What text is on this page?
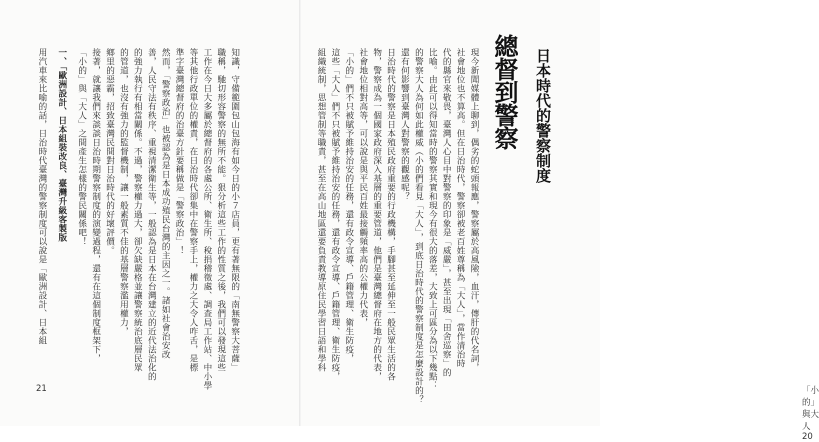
知識，守備範圍包山包海有如今日的小７店員，更有著無限的「南無警察大菩薩」
職稱，馳切形容警察的無所不能。狠分析這些工作的性質之後，我們可以發現這些
工作在今日大多屬於總督府的各處公所、衛生所、稅捐稽徵處、調查局工作站、中小學
等其他行政單位的權責，在日治時代卻集中在警察手上，權力之大令人咋舌，是標
準字臺灣總督府的治臺方針要稱做是「警察政治」！
然而，「警察政治」也被認為是日本成功殖民台灣的主因之一。諸如社會治安改
善，人民守法有秩序、重視清潔衛生等，一般認為是日本在台灣建立的近代法治化的
的強力執行有相當關係。不過，警察權力過大，卻欠缺嚴格並讓警察統治底層民眾
的管道，也沒有強力的監督機制，讓一般素質不佳的基層警察濫用權力，
鄉里的惡霸，招致臺灣民間對日治時代的好壞評價。
接著，就讓我們來談談日治時期警察制度的演變過程，還有在這個制度框架下，
「小的」與「大人」之間產生怎樣的警民關係吧！
一、「歐洲設計、日本組裝改良、臺灣升級客製版
用汽車來比喻的話，日治時代臺灣的警察制度可以說是「歐洲設計、日本組
21
總督到警察 日本時代的警察制度
現今新聞媒體上聊到，偶劣的蛇頭報應，警察屬於高風險，血汗，傳肝的代名詞，
社會地位也不算高。但在日治時代，警察卻被老百姓尊稱為「大人」，當作清治時
代的縣官來敬畏，臺灣人心目中對警察的印象是「威嚴」，甚至出現「田舍巡察」的
比喻。由此可以得知當時的警察其實和現今有很大的落差，大致上可區分為以下幾點：
的警察大人為何如此權威（小的們看見「大人」，到底日治時代的警察制度是怎麼設計的？
還有何影響到臺灣人對警察的觀感呢？
日治時代的警察是日本殖民政府重要的行政機構，手腳甚至延伸至一般民眾生活的各
物，警察成為一個國家政府深入基層的重要管道，他們是臺灣總督府在地方的代表，
社會地位相對高等，可以說是與平民百姓最接觸頻率高的公權力代表，
「小的」們不只被賦予維持治安的任務，還有政令宣導、戶籍管理、衛生防疫，
這些「大人」們不只被賦予維持治安的任務，還有政令宣導、戶籍管理、衛生防疫，
組織統制，思想管制等職責，甚至在高山地區還要負責教導原住民學習日語和學科
「小的」與大人　20
